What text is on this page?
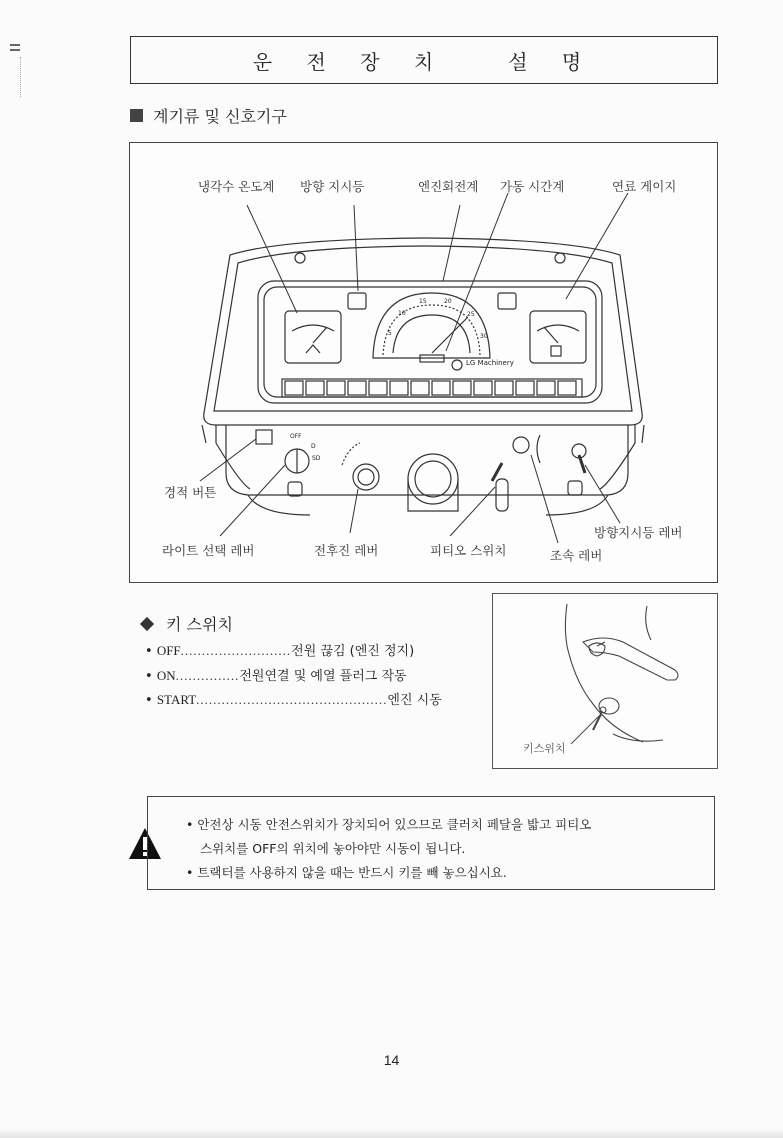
운 전 장 치   설 명
계기류 및 신호기구
냉각수 온도계 방향 지시등	엔진회전계 가동 시간계	연료 게이지
경적 버튼
라이트 선택 레버	전후진 레버	피티오 스위치	조속 레버
방향지시등 레버
LG Machinery
5
10
15	20
25
30
OFF
D
SD
키 스위치
• OFF .......................... 전원 끊김 (엔진 정지)
• ON ............... 전원연결 및 예열 플러그 작동
• START ............................................. 엔진 시동
키스위치
• 안전상 시동 안전스위치가 장치되어 있으므로 클러치 페달을 밟고 피티오
스위치를 OFF의 위치에 놓아야만 시동이 됩니다.
• 트랙터를 사용하지 않을 때는 반드시 키를 빼 놓으십시요.
14
